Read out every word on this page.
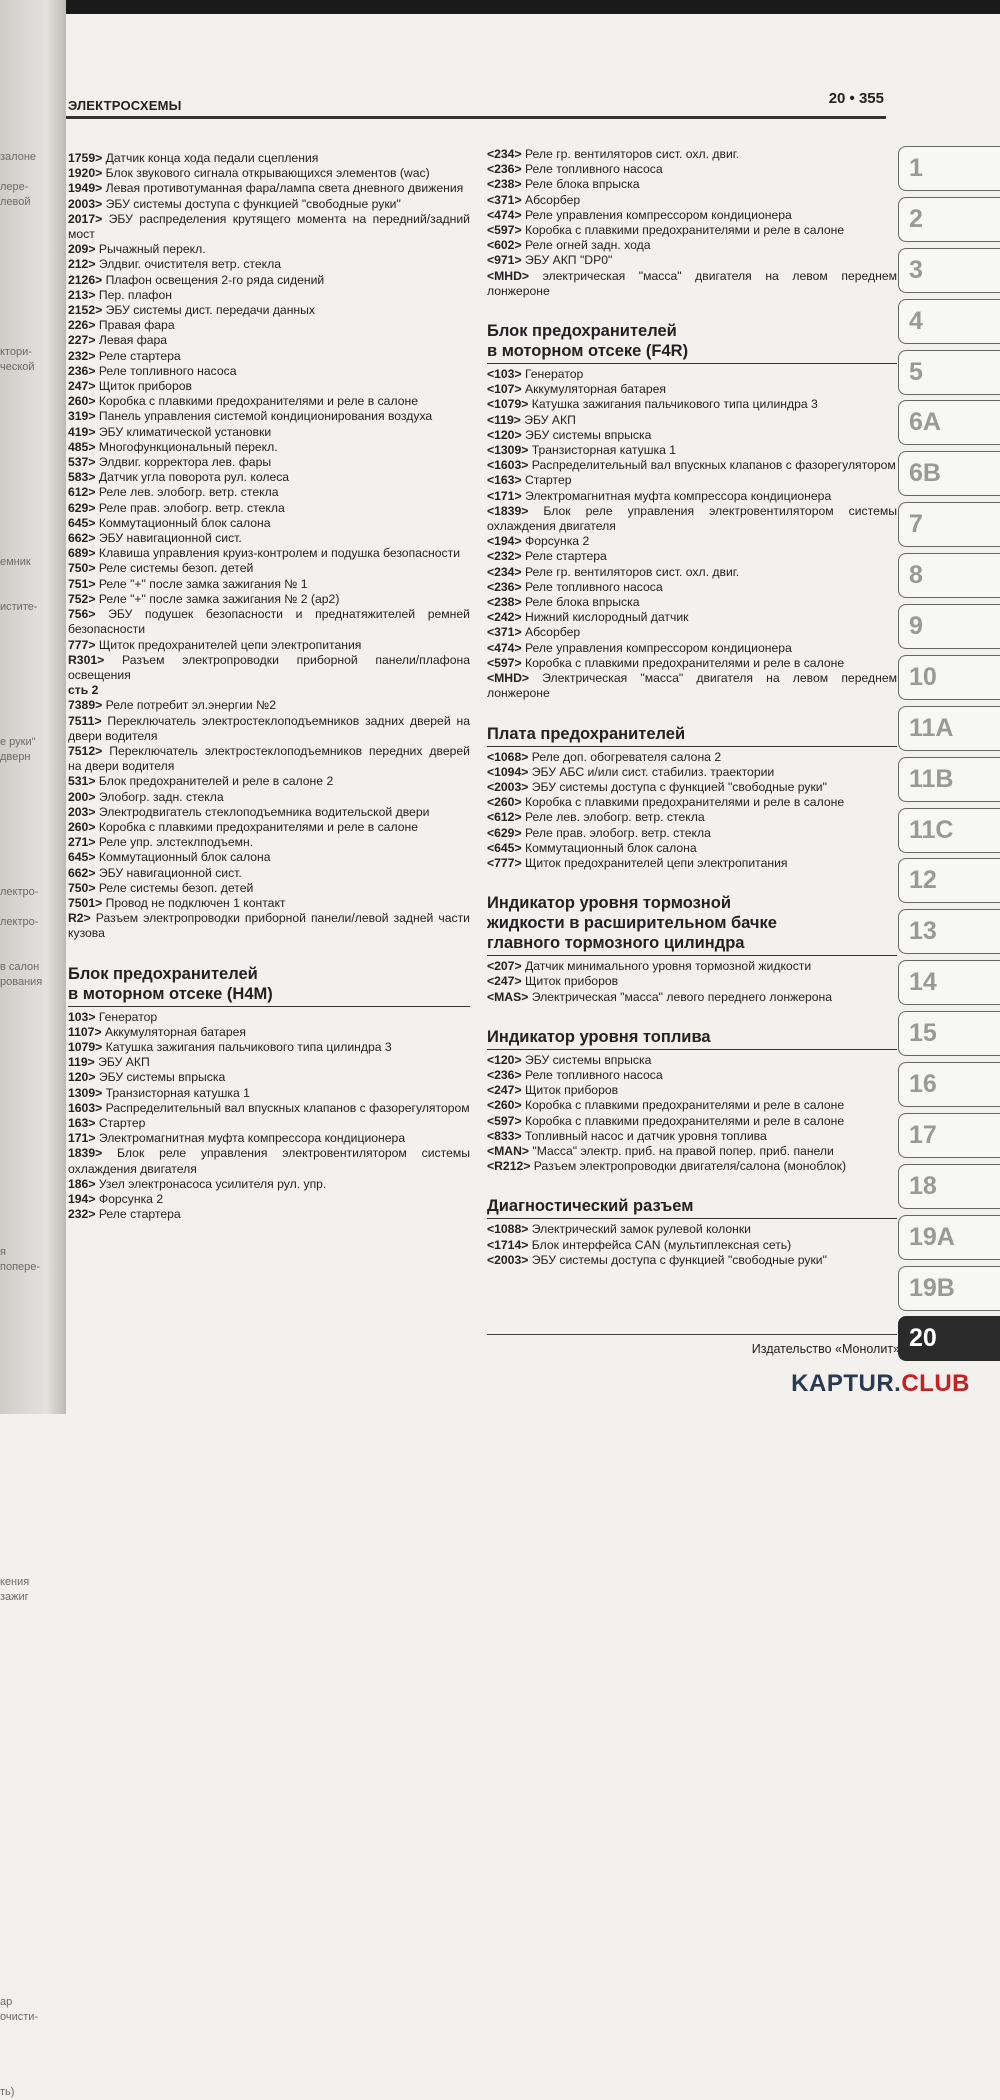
залоне
лере-
левой
ктори-
ческой
емник
истите-
е руки"
дверн
лектро-
лектро-
в салон
рования
я
попере-
кения
зажиг
ар
очисти-
ть)
ЭЛЕКТРОСХЕМЫ	20 • 355
1759> Датчик конца хода педали сцепления
1920> Блок звукового сигнала открывающихся элементов (wac)
1949> Левая противотуманная фара/лампа света дневного движения
2003> ЭБУ системы доступа с функцией "свободные руки"
2017> ЭБУ распределения крутящего момента на передний/задний мост
209> Рычажный перекл.
212> Элдвиг. очистителя ветр. стекла
2126> Плафон освещения 2-го ряда сидений
213> Пер. плафон
2152> ЭБУ системы дист. передачи данных
226> Правая фара
227> Левая фара
232> Реле стартера
236> Реле топливного насоса
247> Щиток приборов
260> Коробка с плавкими предохранителями и реле в салоне
319> Панель управления системой кондиционирования воздуха
419> ЭБУ климатической установки
485> Многофункциональный перекл.
537> Элдвиг. корректора лев. фары
583> Датчик угла поворота рул. колеса
612> Реле лев. элобогр. ветр. стекла
629> Реле прав. элобогр. ветр. стекла
645> Коммутационный блок салона
662> ЭБУ навигационной сист.
689> Клавиша управления круиз-контролем и подушка безопасности
750> Реле системы безоп. детей
751> Реле "+" после замка зажигания № 1
752> Реле "+" после замка зажигания № 2 (ар2)
756> ЭБУ подушек безопасности и преднатяжителей ремней безопасности
777> Щиток предохранителей цепи электропитания
R301> Разъем электропроводки приборной панели/плафона освещения
сть 2
7389> Реле потребит эл.энергии №2
7511> Переключатель электростеклоподъемников задних дверей на двери водителя
7512> Переключатель электростеклоподъемников передних дверей на двери водителя
531> Блок предохранителей и реле в салоне 2
200> Элобогр. задн. стекла
203> Электродвигатель стеклоподъемника водительской двери
260> Коробка с плавкими предохранителями и реле в салоне
271> Реле упр. элстеклподъемн.
645> Коммутационный блок салона
662> ЭБУ навигационной сист.
750> Реле системы безоп. детей
7501> Провод не подключен 1 контакт
R2> Разъем электропроводки приборной панели/левой задней части кузова
Блок предохранителей
в моторном отсеке (H4M)
103> Генератор
1107> Аккумуляторная батарея
1079> Катушка зажигания пальчикового типа цилиндра 3
119> ЭБУ АКП
120> ЭБУ системы впрыска
1309> Транзисторная катушка 1
1603> Распределительный вал впускных клапанов с фазорегулятором
163> Стартер
171> Электромагнитная муфта компрессора кондиционера
1839> Блок реле управления электровентилятором системы охлаждения двигателя
186> Узел электронасоса усилителя рул. упр.
194> Форсунка 2
232> Реле стартера
<234> Реле гр. вентиляторов сист. охл. двиг.
<236> Реле топливного насоса
<238> Реле блока впрыска
<371> Абсорбер
<474> Реле управления компрессором кондиционера
<597> Коробка с плавкими предохранителями и реле в салоне
<602> Реле огней задн. хода
<971> ЭБУ АКП "DP0"
<MHD> электрическая "масса" двигателя на левом переднем лонжероне
Блок предохранителей
в моторном отсеке (F4R)
<103> Генератор
<107> Аккумуляторная батарея
<1079> Катушка зажигания пальчикового типа цилиндра 3
<119> ЭБУ АКП
<120> ЭБУ системы впрыска
<1309> Транзисторная катушка 1
<1603> Распределительный вал впускных клапанов с фазорегулятором
<163> Стартер
<171> Электромагнитная муфта компрессора кондиционера
<1839> Блок реле управления электровентилятором системы охлаждения двигателя
<194> Форсунка 2
<232> Реле стартера
<234> Реле гр. вентиляторов сист. охл. двиг.
<236> Реле топливного насоса
<238> Реле блока впрыска
<242> Нижний кислородный датчик
<371> Абсорбер
<474> Реле управления компрессором кондиционера
<597> Коробка с плавкими предохранителями и реле в салоне
<MHD> Электрическая "масса" двигателя на левом переднем лонжероне
Плата предохранителей
<1068> Реле доп. обогревателя салона 2
<1094> ЭБУ АБС и/или сист. стабилиз. траектории
<2003> ЭБУ системы доступа с функцией "свободные руки"
<260> Коробка с плавкими предохранителями и реле в салоне
<612> Реле лев. элобогр. ветр. стекла
<629> Реле прав. элобогр. ветр. стекла
<645> Коммутационный блок салона
<777> Щиток предохранителей цепи электропитания
Индикатор уровня тормозной
жидкости в расширительном бачке
главного тормозного цилиндра
<207> Датчик минимального уровня тормозной жидкости
<247> Щиток приборов
<MAS> Электрическая "масса" левого переднего лонжерона
Индикатор уровня топлива
<120> ЭБУ системы впрыска
<236> Реле топливного насоса
<247> Щиток приборов
<260> Коробка с плавкими предохранителями и реле в салоне
<597> Коробка с плавкими предохранителями и реле в салоне
<833> Топливный насос и датчик уровня топлива
<MAN> "Масса" электр. приб. на правой попер. приб. панели
<R212> Разъем электропроводки двигателя/салона (моноблок)
Диагностический разъем
<1088> Электрический замок рулевой колонки
<1714> Блок интерфейса CAN (мультиплексная сеть)
<2003> ЭБУ системы доступа с функцией "свободные руки"
1
2
3
4
5
6A
6B
7
8
9
10
11A
11B
11C
12
13
14
15
16
17
18
19A
19B
20
Издательство «Монолит»
KAPTUR.CLUB
